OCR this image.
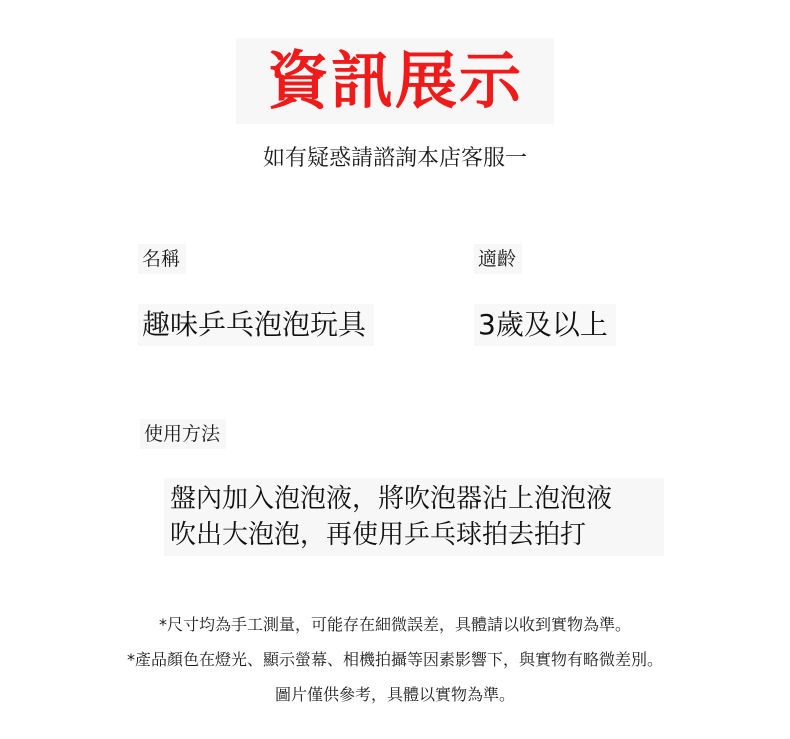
資訊展示
如有疑惑請諮詢本店客服一
名稱	適齡
趣味乒乓泡泡玩具	3歲及以上
使用方法
盤內加入泡泡液，將吹泡器沾上泡泡液
吹出大泡泡，再使用乒乓球拍去拍打
*尺寸均為手工測量，可能存在細微誤差，具體請以收到實物為準。
*產品顏色在燈光、顯示螢幕、相機拍攝等因素影響下，與實物有略微差別。
圖片僅供參考，具體以實物為準。
